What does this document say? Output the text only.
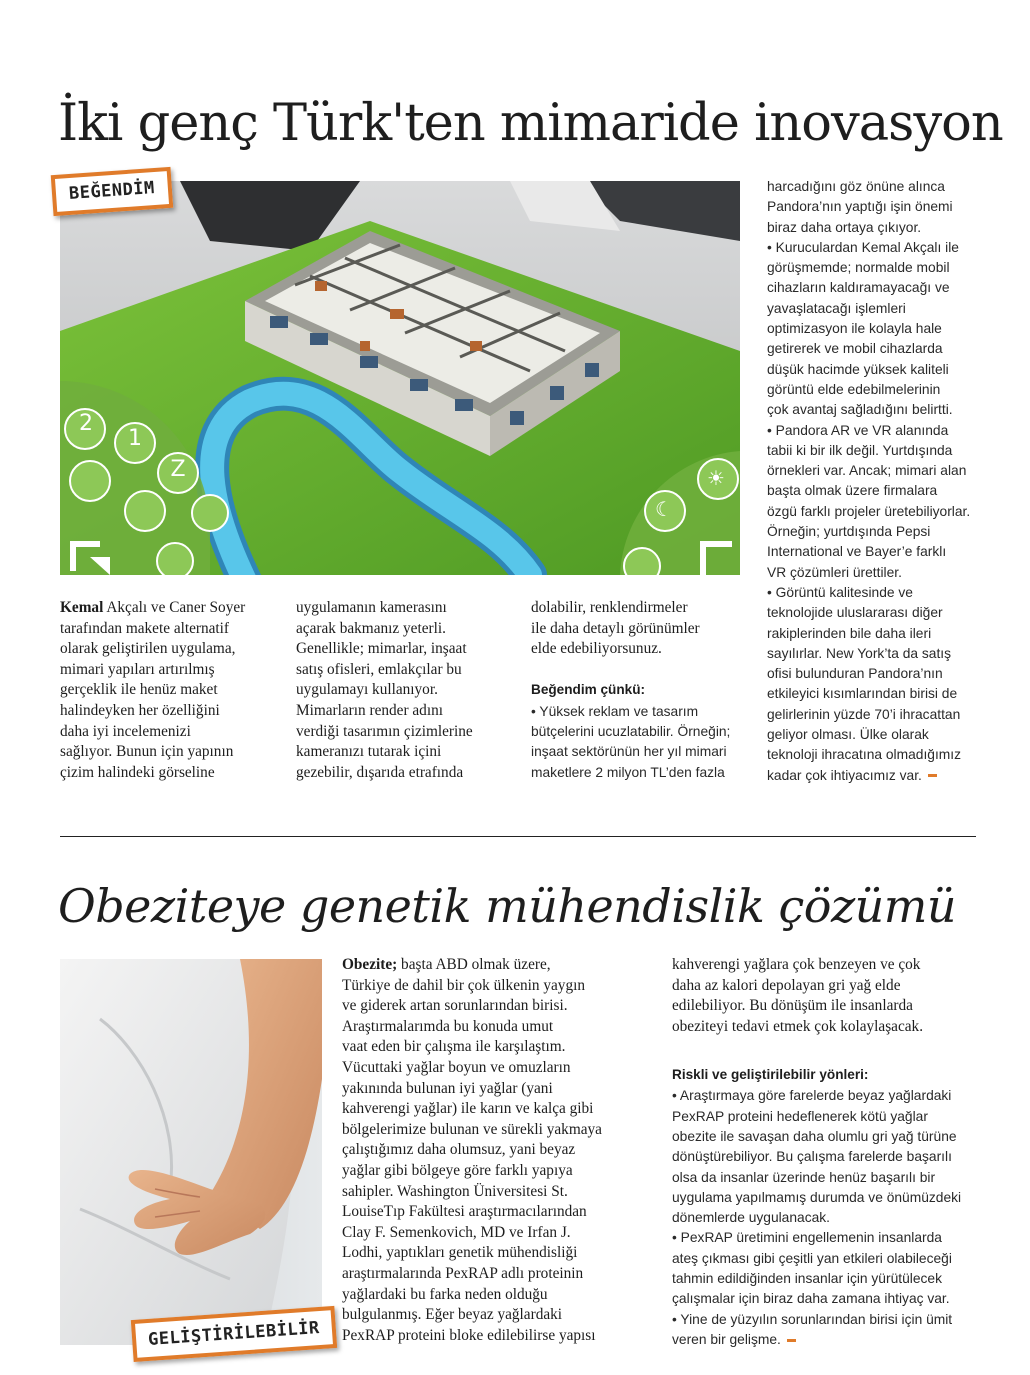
İki genç Türk'ten mimaride inovasyon
2
1
Z
☾
☀
BEĞENDİM
Kemal Akçalı ve Caner Soyer
tarafından makete alternatif
olarak geliştirilen uygulama,
mimari yapıları artırılmış
gerçeklik ile henüz maket
halindeyken her özelliğini
daha iyi incelemenizi
sağlıyor. Bunun için yapının
çizim halindeki görseline
uygulamanın kamerasını
açarak bakmanız yeterli.
Genellikle; mimarlar, inşaat
satış ofisleri, emlakçılar bu
uygulamayı kullanıyor.
Mimarların render adını
verdiği tasarımın çizimlerine
kameranızı tutarak içini
gezebilir, dışarıda etrafında
dolabilir, renklendirmeler
ile daha detaylı görünümler
elde edebiliyorsunuz.
Beğendim çünkü:
• Yüksek reklam ve tasarım
bütçelerini ucuzlatabilir. Örneğin;
inşaat sektörünün her yıl mimari
maketlere 2 milyon TL’den fazla
harcadığını göz önüne alınca
Pandora’nın yaptığı işin önemi
biraz daha ortaya çıkıyor.
• Kuruculardan Kemal Akçalı ile
görüşmemde; normalde mobil
cihazların kaldıramayacağı ve
yavaşlatacağı işlemleri
optimizasyon ile kolayla hale
getirerek ve mobil cihazlarda
düşük hacimde yüksek kaliteli
görüntü elde edebilmelerinin
çok avantaj sağladığını belirtti.
• Pandora AR ve VR alanında
tabii ki bir ilk değil. Yurtdışında
örnekleri var. Ancak; mimari alan
başta olmak üzere firmalara
özgü farklı projeler üretebiliyorlar.
Örneğin; yurtdışında Pepsi
International ve Bayer’e farklı
VR çözümleri ürettiler.
• Görüntü kalitesinde ve
teknolojide uluslararası diğer
rakiplerinden bile daha ileri
sayılırlar. New York’ta da satış
ofisi bulunduran Pandora’nın
etkileyici kısımlarından birisi de
gelirlerinin yüzde 70’i ihracattan
geliyor olması. Ülke olarak
teknoloji ihracatına olmadığımız
kadar çok ihtiyacımız var.
Obeziteye genetik mühendislik çözümü
GELİŞTİRİLEBİLİR
Obezite; başta ABD olmak üzere,
Türkiye de dahil bir çok ülkenin yaygın
ve giderek artan sorunlarından birisi.
Araştırmalarımda bu konuda umut
vaat eden bir çalışma ile karşılaştım.
Vücuttaki yağlar boyun ve omuzların
yakınında bulunan iyi yağlar (yani
kahverengi yağlar) ile karın ve kalça gibi
bölgelerimize bulunan ve sürekli yakmaya
çalıştığımız daha olumsuz, yani beyaz
yağlar gibi bölgeye göre farklı yapıya
sahipler. Washington Üniversitesi St.
LouiseTıp Fakültesi araştırmacılarından
Clay F. Semenkovich, MD ve Irfan J.
Lodhi, yaptıkları genetik mühendisliği
araştırmalarında PexRAP adlı proteinin
yağlardaki bu farka neden olduğu
bulgulanmış. Eğer beyaz yağlardaki
PexRAP proteini bloke edilebilirse yapısı
kahverengi yağlara çok benzeyen ve çok
daha az kalori depolayan gri yağ elde
edilebiliyor. Bu dönüşüm ile insanlarda
obeziteyi tedavi etmek çok kolaylaşacak.
Riskli ve geliştirilebilir yönleri:
• Araştırmaya göre farelerde beyaz yağlardaki
PexRAP proteini hedeflenerek kötü yağlar
obezite ile savaşan daha olumlu gri yağ türüne
dönüştürebiliyor. Bu çalışma farelerde başarılı
olsa da insanlar üzerinde henüz başarılı bir
uygulama yapılmamış durumda ve önümüzdeki
dönemlerde uygulanacak.
• PexRAP üretimini engellemenin insanlarda
ateş çıkması gibi çeşitli yan etkileri olabileceği
tahmin edildiğinden insanlar için yürütülecek
çalışmalar için biraz daha zamana ihtiyaç var.
• Yine de yüzyılın sorunlarından birisi için ümit
veren bir gelişme.
